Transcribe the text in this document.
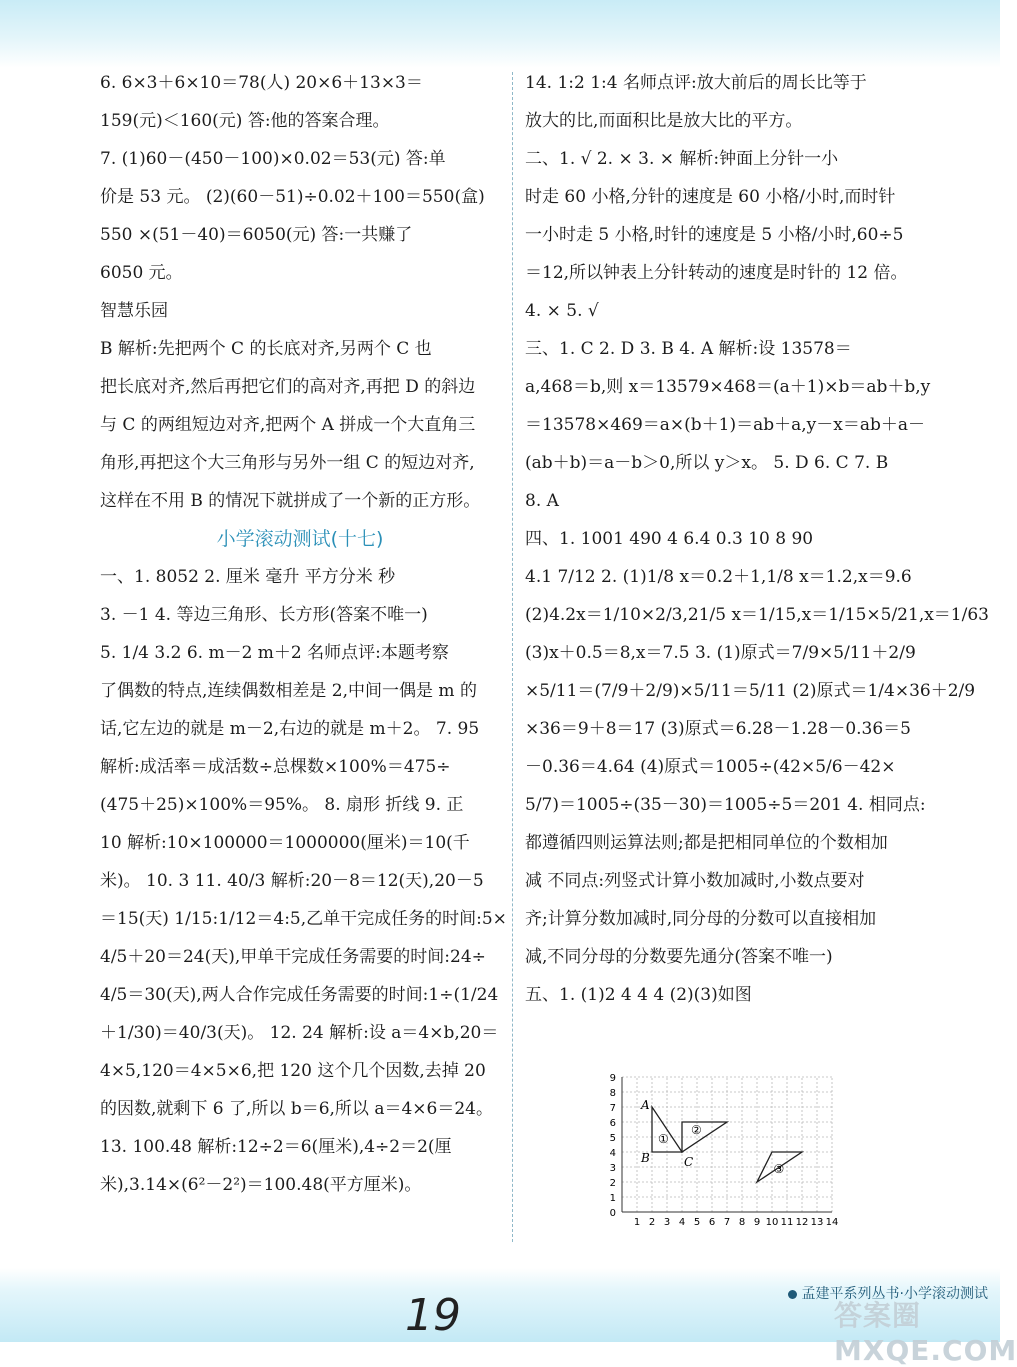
6. 6×3＋6×10＝78(人) 20×6＋13×3＝

159(元)＜160(元) 答:他的答案合理。

7. (1)60－(450－100)×0.02＝53(元) 答:单

价是 53 元。 (2)(60－51)÷0.02＋100＝550(盒)

550 ×(51－40)＝6050(元) 答:一共赚了

6050 元。

智慧乐园

B 解析:先把两个 C 的长底对齐,另两个 C 也

把长底对齐,然后再把它们的高对齐,再把 D 的斜边

与 C 的两组短边对齐,把两个 A 拼成一个大直角三

角形,再把这个大三角形与另外一组 C 的短边对齐,

这样在不用 B 的情况下就拼成了一个新的正方形。

小学滚动测试(十七)

一、1. 8052 2. 厘米 毫升 平方分米 秒

3. －1 4. 等边三角形、长方形(答案不唯一)

5. 1/4 3.2 6. m－2 m＋2 名师点评:本题考察

了偶数的特点,连续偶数相差是 2,中间一偶是 m 的

话,它左边的就是 m－2,右边的就是 m＋2。 7. 95

解析:成活率＝成活数÷总棵数×100%＝475÷

(475＋25)×100%＝95%。 8. 扇形 折线 9. 正

10 解析:10×100000＝1000000(厘米)＝10(千

米)。 10. 3 11. 40/3 解析:20－8＝12(天),20－5

＝15(天) 1/15:1/12＝4:5,乙单干完成任务的时间:5×

4/5＋20＝24(天),甲单干完成任务需要的时间:24÷

4/5＝30(天),两人合作完成任务需要的时间:1÷(1/24

＋1/30)＝40/3(天)。 12. 24 解析:设 a＝4×b,20＝

4×5,120＝4×5×6,把 120 这个几个因数,去掉 20

的因数,就剩下 6 了,所以 b＝6,所以 a＝4×6＝24。

13. 100.48 解析:12÷2＝6(厘米),4÷2＝2(厘

米),3.14×(6²－2²)＝100.48(平方厘米)。

14. 1:2 1:4 名师点评:放大前后的周长比等于

放大的比,而面积比是放大比的平方。

二、1. √ 2. × 3. × 解析:钟面上分针一小

时走 60 小格,分针的速度是 60 小格/小时,而时针

一小时走 5 小格,时针的速度是 5 小格/小时,60÷5

＝12,所以钟表上分针转动的速度是时针的 12 倍。

4. × 5. √

三、1. C 2. D 3. B 4. A 解析:设 13578＝

a,468＝b,则 x＝13579×468＝(a＋1)×b＝ab＋b,y

＝13578×469＝a×(b＋1)＝ab＋a,y－x＝ab＋a－

(ab＋b)＝a－b＞0,所以 y＞x。 5. D 6. C 7. B

8. A

四、1. 1001 490 4 6.4 0.3 10 8 90

4.1 7/12 2. (1)1/8 x＝0.2＋1,1/8 x＝1.2,x＝9.6

(2)4.2x＝1/10×2/3,21/5 x＝1/15,x＝1/15×5/21,x＝1/63

(3)x＋0.5＝8,x＝7.5 3. (1)原式＝7/9×5/11＋2/9

×5/11＝(7/9＋2/9)×5/11＝5/11 (2)原式＝1/4×36＋2/9

×36＝9＋8＝17 (3)原式＝6.28－1.28－0.36＝5

－0.36＝4.64 (4)原式＝1005÷(42×5/6－42×

5/7)＝1005÷(35－30)＝1005÷5＝201 4. 相同点:

都遵循四则运算法则;都是把相同单位的个数相加

减 不同点:列竖式计算小数加减时,小数点要对

齐;计算分数加减时,同分母的分数可以直接相加

减,不同分母的分数要先通分(答案不唯一)

五、1. (1)2 4 4 4 (2)(3)如图

1 2 3 4 5 6 7 8 9 10 11 12 13 14
0
1
2
3
4
5
6
7
8
9
A
B	C
①
②
③
孟建平系列丛书·小学滚动测试
19	答案圈 MXQE.COM
